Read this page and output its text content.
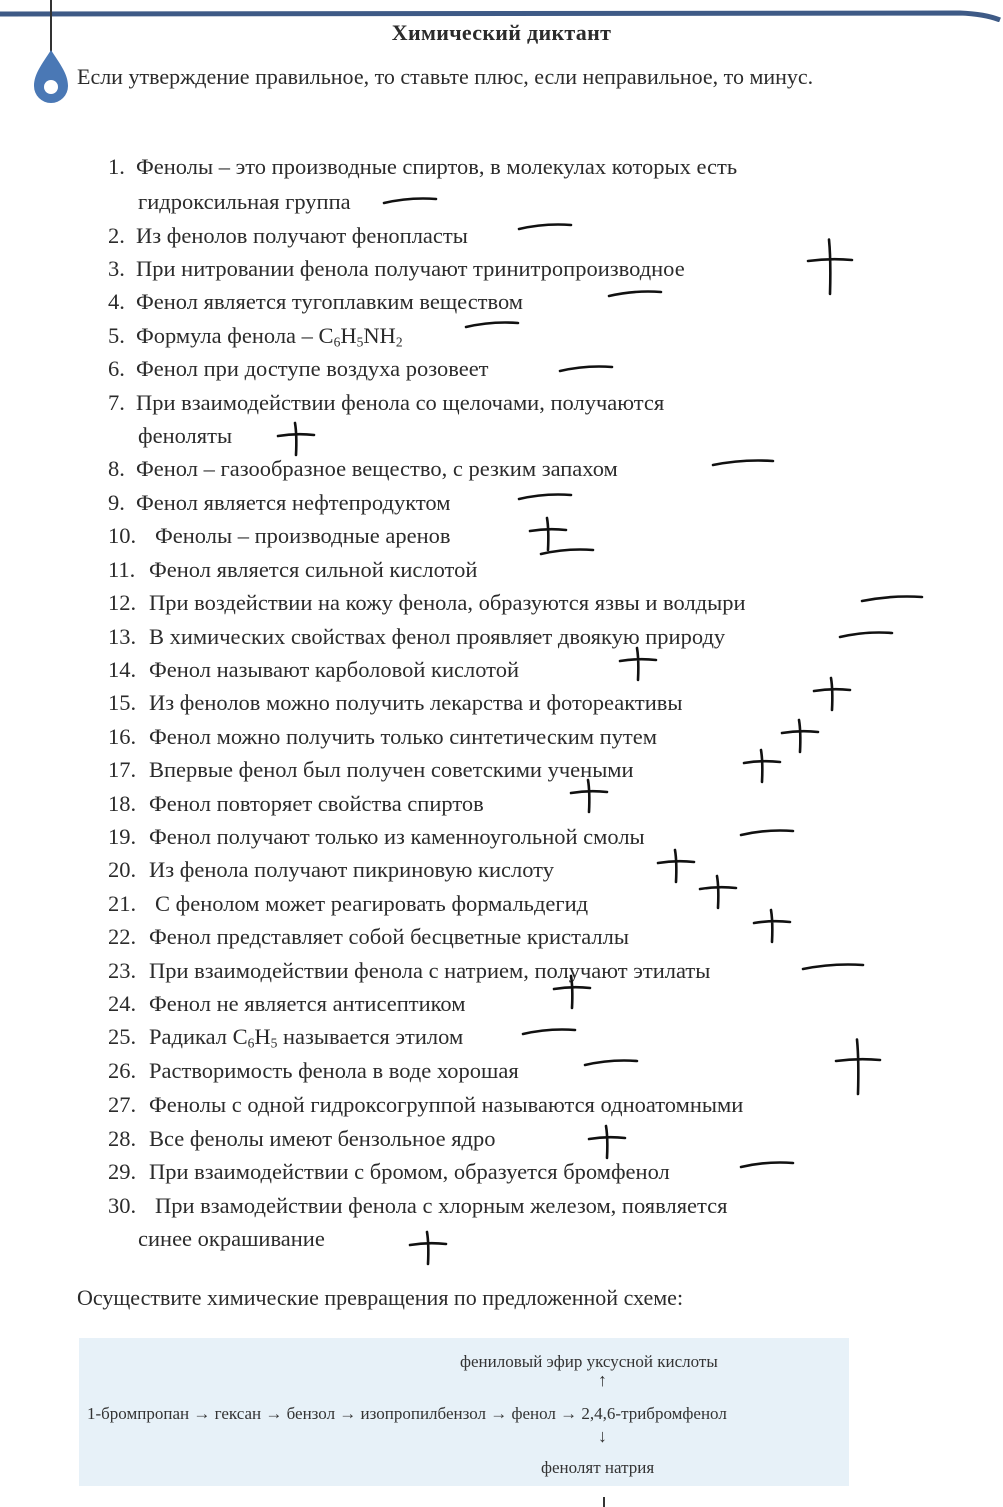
Химический диктант
Если утверждение правильное, то ставьте плюс, если неправильное, то минус.
1. Фенолы – это производные спиртов, в молекулах которых есть
гидроксильная группа
2. Из фенолов получают фенопласты
3. При нитровании фенола получают тринитропроизводное
4. Фенол является тугоплавким веществом
5. Формула фенола – $C_6H_5NH_2$
6. Фенол при доступе воздуха розовеет
7. При взаимодействии фенола со щелочами, получаются
феноляты
8. Фенол – газообразное вещество, с резким запахом
9. Фенол является нефтепродуктом
10. Фенолы – производные аренов
11. Фенол является сильной кислотой
12. При воздействии на кожу фенола, образуются язвы и волдыри
13. В химических свойствах фенол проявляет двоякую природу
14. Фенол называют карболовой кислотой
15. Из фенолов можно получить лекарства и фотореактивы
16. Фенол можно получить только синтетическим путем
17. Впервые фенол был получен советскими учеными
18. Фенол повторяет свойства спиртов
19. Фенол получают только из каменноугольной смолы
20. Из фенола получают пикриновую кислоту
21. С фенолом может реагировать формальдегид
22. Фенол представляет собой бесцветные кристаллы
23. При взаимодействии фенола с натрием, получают этилаты
24. Фенол не является антисептиком
25. Радикал $C_6H_5$ называется этилом
26. Растворимость фенола в воде хорошая
27. Фенолы с одной гидроксогруппой называются одноатомными
28. Все фенолы имеют бензольное ядро
29. При взаимодействии с бромом, образуется бромфенол
30. При взамодействии фенола с хлорным железом, появляется
синее окрашивание
Осуществите химические превращения по предложенной схеме:
фениловый эфир уксусной кислоты
↑
1-бромпропан → гексан → бензол → изопропилбензол → фенол → 2,4,6-трибромфенол
↓
фенолят натрия
